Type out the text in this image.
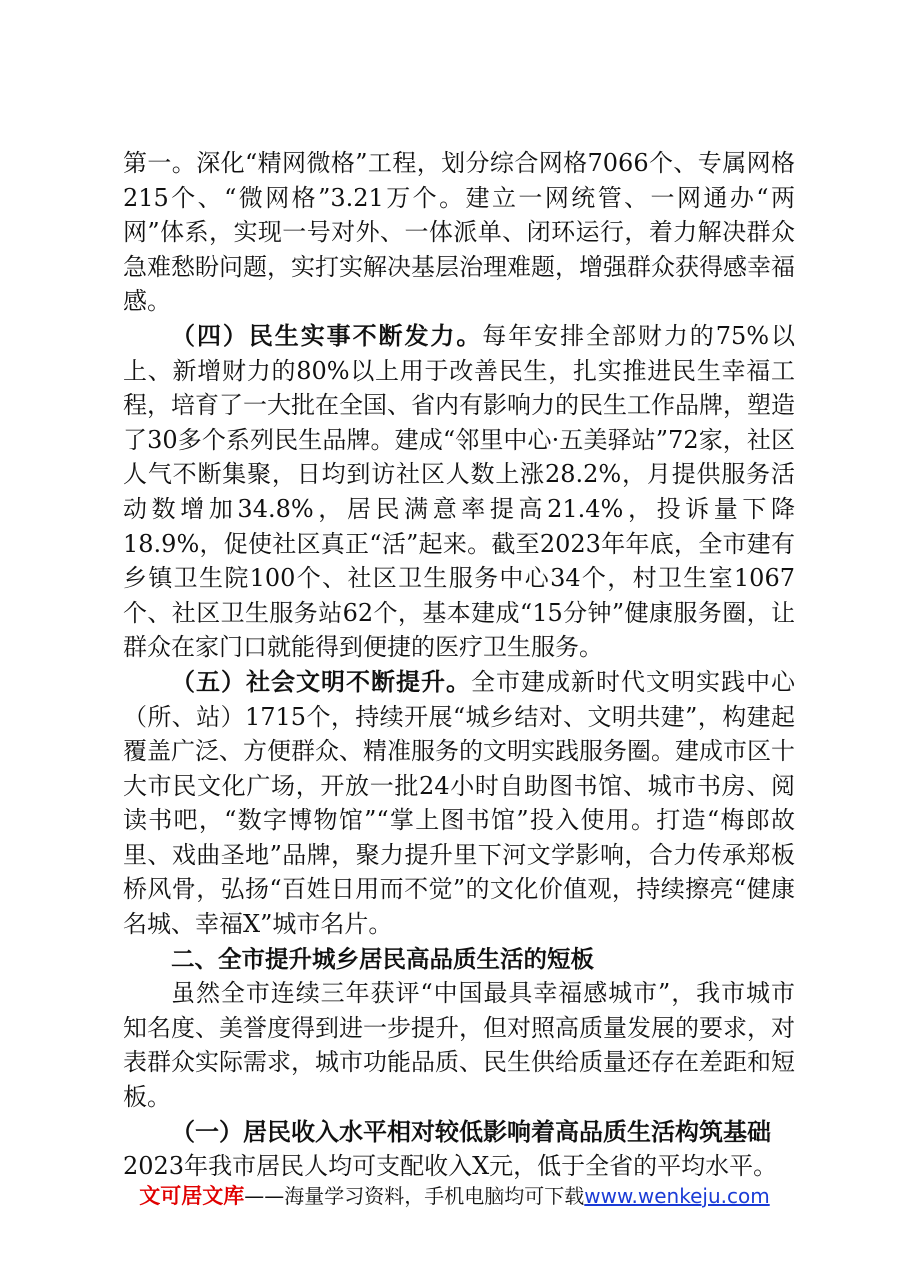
第一。深化“精网微格”工程，划分综合网格7066个、专属网格215个、“微网格”3.21万个。建立一网统管、一网通办“两网”体系，实现一号对外、一体派单、闭环运行，着力解决群众急难愁盼问题，实打实解决基层治理难题，增强群众获得感幸福感。

（四）民生实事不断发力。每年安排全部财力的75%以上、新增财力的80%以上用于改善民生，扎实推进民生幸福工程，培育了一大批在全国、省内有影响力的民生工作品牌，塑造了30多个系列民生品牌。建成“邻里中心·五美驿站”72家，社区人气不断集聚，日均到访社区人数上涨28.2%，月提供服务活动数增加34.8%，居民满意率提高21.4%，投诉量下降18.9%，促使社区真正“活”起来。截至2023年年底，全市建有乡镇卫生院100个、社区卫生服务中心34个，村卫生室1067个、社区卫生服务站62个，基本建成“15分钟”健康服务圈，让群众在家门口就能得到便捷的医疗卫生服务。

（五）社会文明不断提升。全市建成新时代文明实践中心（所、站）1715个，持续开展“城乡结对、文明共建”，构建起覆盖广泛、方便群众、精准服务的文明实践服务圈。建成市区十大市民文化广场，开放一批24小时自助图书馆、城市书房、阅读书吧，“数字博物馆”“掌上图书馆”投入使用。打造“梅郎故里、戏曲圣地”品牌，聚力提升里下河文学影响，合力传承郑板桥风骨，弘扬“百姓日用而不觉”的文化价值观，持续擦亮“健康名城、幸福X”城市名片。

二、全市提升城乡居民高品质生活的短板

虽然全市连续三年获评“中国最具幸福感城市”，我市城市知名度、美誉度得到进一步提升，但对照高质量发展的要求，对表群众实际需求，城市功能品质、民生供给质量还存在差距和短板。

（一）居民收入水平相对较低影响着高品质生活构筑基础

2023年我市居民人均可支配收入X元，低于全省的平均水平。

文可居文库——海量学习资料，手机电脑均可下载www.wenkeju.com
